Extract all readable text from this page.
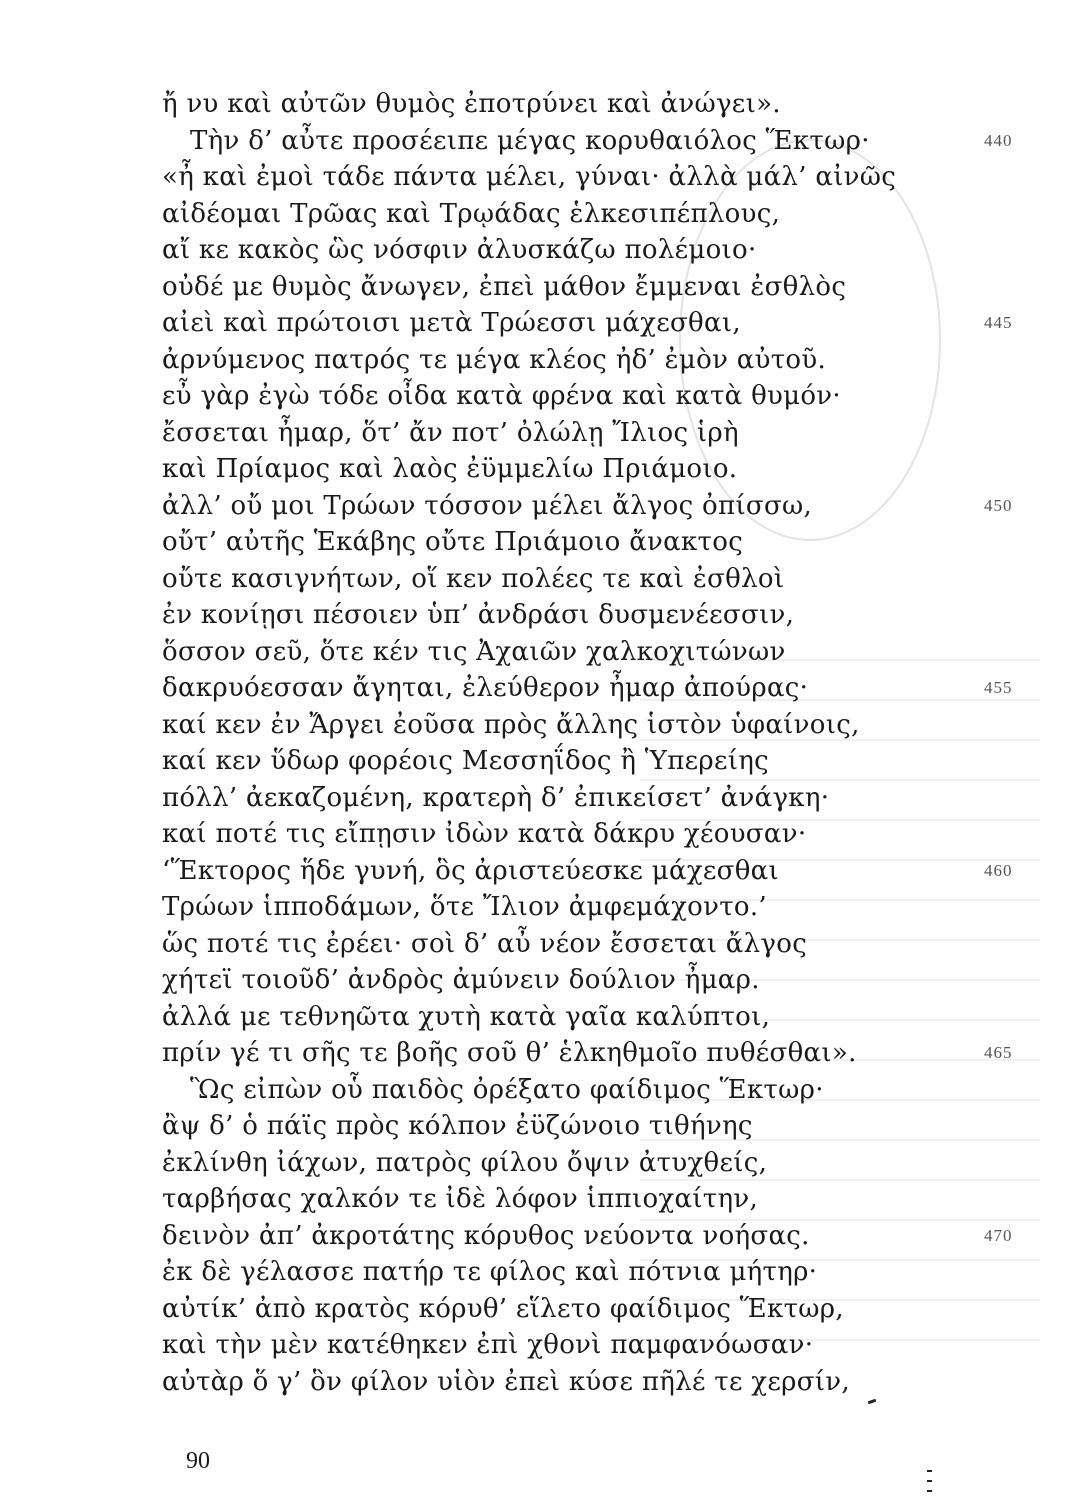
ἤ νυ καὶ αὐτῶν θυμὸς ἐποτρύνει καὶ ἀνώγει».
Τὴν δ’ αὖτε προσέειπε μέγας κορυθαιόλος Ἕκτωρ·
«ἦ καὶ ἐμοὶ τάδε πάντα μέλει, γύναι· ἀλλὰ μάλ’ αἰνῶς
αἰδέομαι Τρῶας καὶ Τρῳάδας ἑλκεσιπέπλους,
αἴ κε κακὸς ὣς νόσφιν ἀλυσκάζω πολέμοιο·
οὐδέ με θυμὸς ἄνωγεν, ἐπεὶ μάθον ἔμμεναι ἐσθλὸς
αἰεὶ καὶ πρώτοισι μετὰ Τρώεσσι μάχεσθαι,
ἀρνύμενος πατρός τε μέγα κλέος ἠδ’ ἐμὸν αὐτοῦ.
εὖ γὰρ ἐγὼ τόδε οἶδα κατὰ φρένα καὶ κατὰ θυμόν·
ἔσσεται ἦμαρ, ὅτ’ ἄν ποτ’ ὀλώλῃ Ἴλιος ἱρὴ
καὶ Πρίαμος καὶ λαὸς ἐϋμμελίω Πριάμοιο.
ἀλλ’ οὔ μοι Τρώων τόσσον μέλει ἄλγος ὀπίσσω,
οὔτ’ αὐτῆς Ἑκάβης οὔτε Πριάμοιο ἄνακτος
οὔτε κασιγνήτων, οἵ κεν πολέες τε καὶ ἐσθλοὶ
ἐν κονίῃσι πέσοιεν ὑπ’ ἀνδράσι δυσμενέεσσιν,
ὅσσον σεῦ, ὅτε κέν τις Ἀχαιῶν χαλκοχιτώνων
δακρυόεσσαν ἄγηται, ἐλεύθερον ἦμαρ ἀπούρας·
καί κεν ἐν Ἄργει ἐοῦσα πρὸς ἄλλης ἱστὸν ὑφαίνοις,
καί κεν ὕδωρ φορέοις Μεσσηΐδος ἢ Ὑπερείης
πόλλ’ ἀεκαζομένη, κρατερὴ δ’ ἐπικείσετ’ ἀνάγκη·
καί ποτέ τις εἴπῃσιν ἰδὼν κατὰ δάκρυ χέουσαν·
‘Ἕκτορος ἥδε γυνή, ὃς ἀριστεύεσκε μάχεσθαι
Τρώων ἱπποδάμων, ὅτε Ἴλιον ἀμφεμάχοντο.’
ὥς ποτέ τις ἐρέει· σοὶ δ’ αὖ νέον ἔσσεται ἄλγος
χήτεϊ τοιοῦδ’ ἀνδρὸς ἀμύνειν δούλιον ἦμαρ.
ἀλλά με τεθνηῶτα χυτὴ κατὰ γαῖα καλύπτοι,
πρίν γέ τι σῆς τε βοῆς σοῦ θ’ ἑλκηθμοῖο πυθέσθαι».
Ὣς εἰπὼν οὗ παιδὸς ὀρέξατο φαίδιμος Ἕκτωρ·
ἂψ δ’ ὁ πάϊς πρὸς κόλπον ἐϋζώνοιο τιθήνης
ἐκλίνθη ἰάχων, πατρὸς φίλου ὄψιν ἀτυχθείς,
ταρβήσας χαλκόν τε ἰδὲ λόφον ἱππιοχαίτην,
δεινὸν ἀπ’ ἀκροτάτης κόρυθος νεύοντα νοήσας.
ἐκ δὲ γέλασσε πατήρ τε φίλος καὶ πότνια μήτηρ·
αὐτίκ’ ἀπὸ κρατὸς κόρυθ’ εἵλετο φαίδιμος Ἕκτωρ,
καὶ τὴν μὲν κατέθηκεν ἐπὶ χθονὶ παμφανόωσαν·
αὐτὰρ ὅ γ’ ὃν φίλον υἱὸν ἐπεὶ κύσε πῆλέ τε χερσίν,
440
445
450
455
460
465
470
90
